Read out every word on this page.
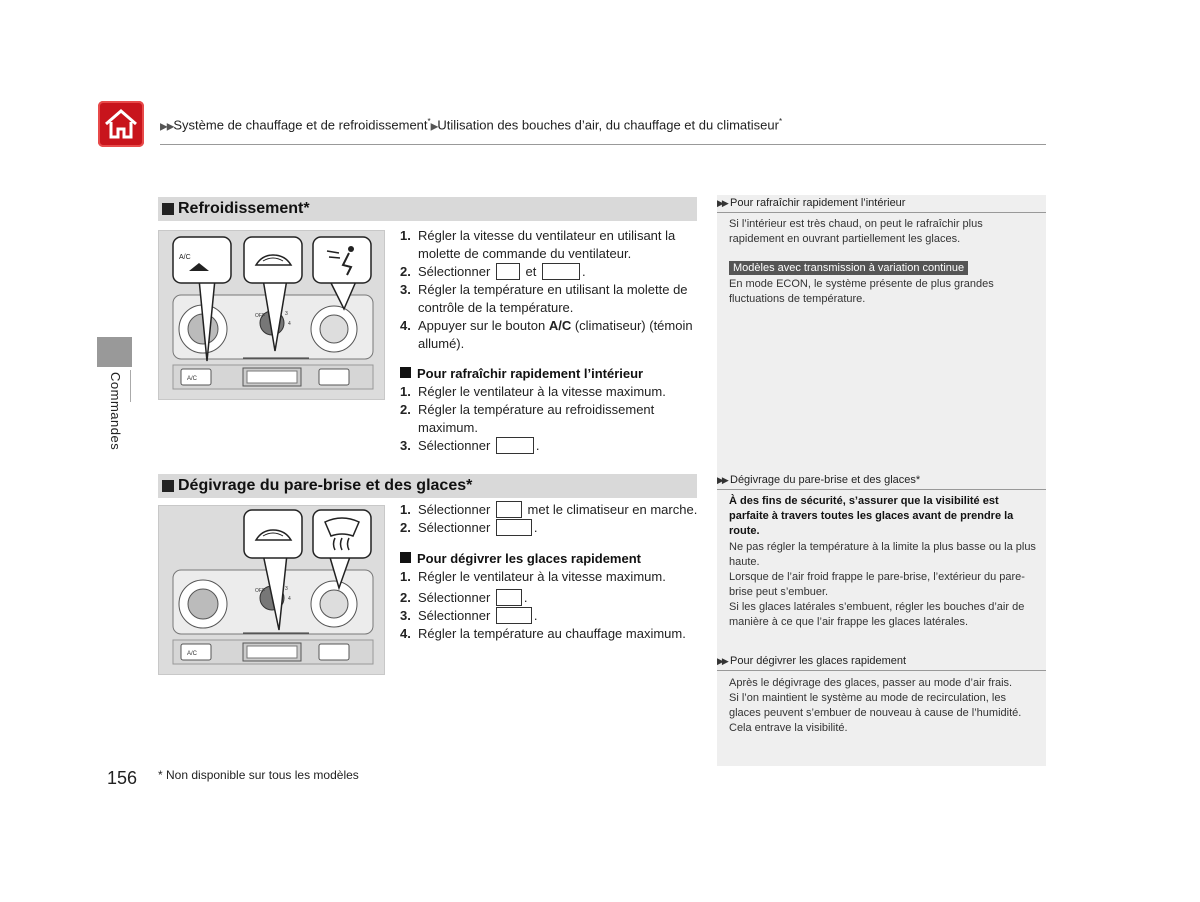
▶▶Système de chauffage et de refroidissement*▶Utilisation des bouches d’air, du chauffage et du climatiseur*
Commandes
Refroidissement*
OFF	3
4
A/C
A/C

1. Régler la vitesse du ventilateur en utilisant la molette de commande du ventilateur.

2. Sélectionner	et	.

3. Régler la température en utilisant la molette de contrôle de la température.

4. Appuyer sur le bouton A/C (climatiseur) (témoin allumé).

Pour rafraîchir rapidement l’intérieur

1. Régler le ventilateur à la vitesse maximum.

2. Régler la température au refroidissement maximum.

3. Sélectionner	.

Dégivrage du pare-brise et des glaces*
OFF	3
4
A/C

1. Sélectionner	met le climatiseur en marche.

2. Sélectionner	.

Pour dégivrer les glaces rapidement

1. Régler le ventilateur à la vitesse maximum.

2. Sélectionner	.

3. Sélectionner	.

4. Régler la température au chauffage maximum.

▶▶ Pour rafraîchir rapidement l’intérieur
Si l’intérieur est très chaud, on peut le rafraîchir plus rapidement en ouvrant partiellement les glaces.
Modèles avec transmission à variation continue
En mode ECON, le système présente de plus grandes fluctuations de température.
▶▶ Dégivrage du pare-brise et des glaces*
À des fins de sécurité, s’assurer que la visibilité est parfaite à travers toutes les glaces avant de prendre la route.
Ne pas régler la température à la limite la plus basse ou la plus haute.
Lorsque de l’air froid frappe le pare-brise, l’extérieur du pare-brise peut s’embuer.
Si les glaces latérales s’embuent, régler les bouches d’air de manière à ce que l’air frappe les glaces latérales.
▶▶ Pour dégivrer les glaces rapidement
Après le dégivrage des glaces, passer au mode d’air frais.
Si l’on maintient le système au mode de recirculation, les glaces peuvent s’embuer de nouveau à cause de l’humidité. Cela entrave la visibilité.
156 * Non disponible sur tous les modèles
